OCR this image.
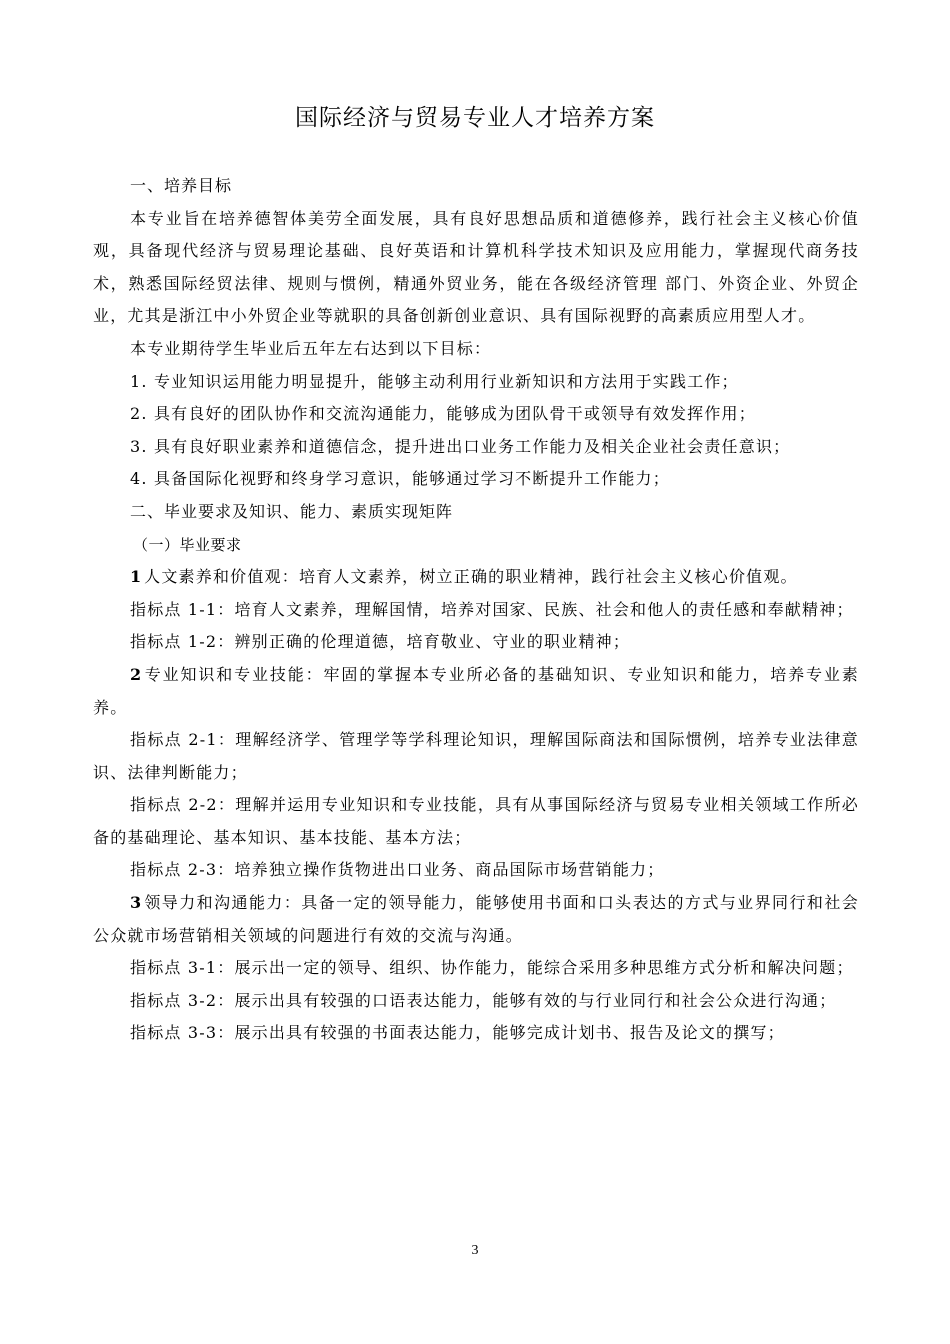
国际经济与贸易专业人才培养方案

一、培养目标

本专业旨在培养德智体美劳全面发展，具有良好思想品质和道德修养，践行社会主义核心价值观，具备现代经济与贸易理论基础、良好英语和计算机科学技术知识及应用能力，掌握现代商务技术，熟悉国际经贸法律、规则与惯例，精通外贸业务，能在各级经济管理 部门、外资企业、外贸企业，尤其是浙江中小外贸企业等就职的具备创新创业意识、具有国际视野的高素质应用型人才。

本专业期待学生毕业后五年左右达到以下目标：

1. 专业知识运用能力明显提升，能够主动利用行业新知识和方法用于实践工作；

2. 具有良好的团队协作和交流沟通能力，能够成为团队骨干或领导有效发挥作用；

3. 具有良好职业素养和道德信念，提升进出口业务工作能力及相关企业社会责任意识；

4. 具备国际化视野和终身学习意识，能够通过学习不断提升工作能力；

二、毕业要求及知识、能力、素质实现矩阵

（一）毕业要求

1 人文素养和价值观：培育人文素养，树立正确的职业精神，践行社会主义核心价值观。

指标点 1-1：培育人文素养，理解国情，培养对国家、民族、社会和他人的责任感和奉献精神；

指标点 1-2：辨别正确的伦理道德，培育敬业、守业的职业精神；

2 专业知识和专业技能：牢固的掌握本专业所必备的基础知识、专业知识和能力，培养专业素养。

指标点 2-1：理解经济学、管理学等学科理论知识，理解国际商法和国际惯例，培养专业法律意识、法律判断能力；

指标点 2-2：理解并运用专业知识和专业技能，具有从事国际经济与贸易专业相关领域工作所必备的基础理论、基本知识、基本技能、基本方法；

指标点 2-3：培养独立操作货物进出口业务、商品国际市场营销能力；

3 领导力和沟通能力：具备一定的领导能力，能够使用书面和口头表达的方式与业界同行和社会公众就市场营销相关领域的问题进行有效的交流与沟通。

指标点 3-1：展示出一定的领导、组织、协作能力，能综合采用多种思维方式分析和解决问题；

指标点 3-2：展示出具有较强的口语表达能力，能够有效的与行业同行和社会公众进行沟通；

指标点 3-3：展示出具有较强的书面表达能力，能够完成计划书、报告及论文的撰写；

3
